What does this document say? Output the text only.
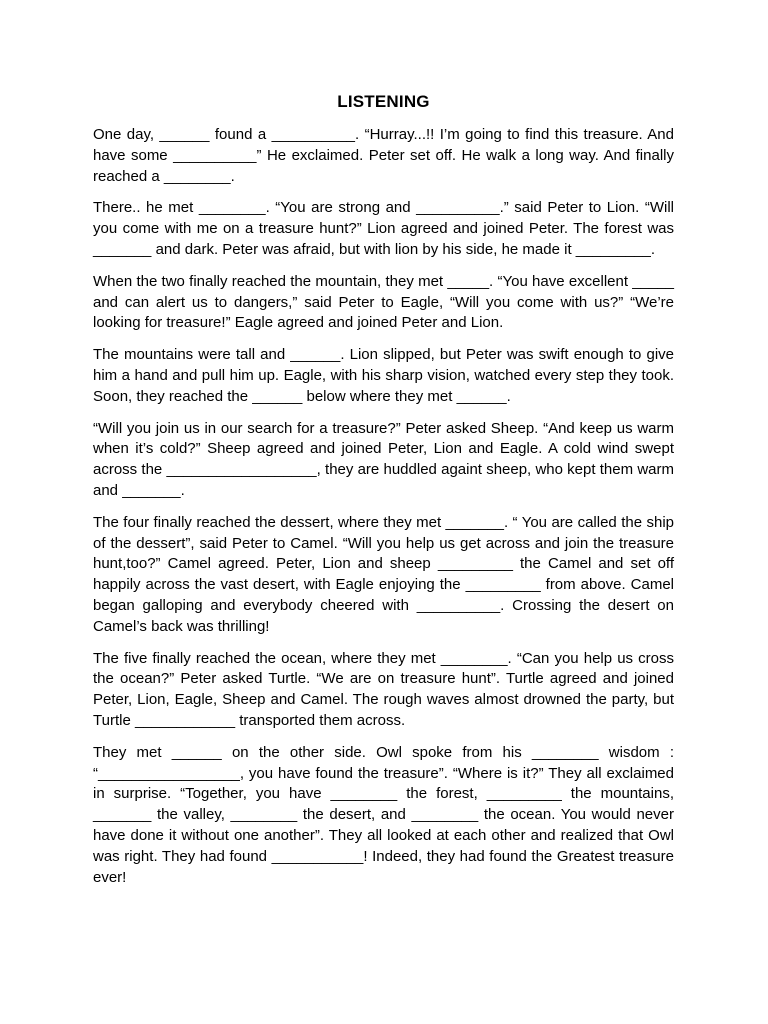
LISTENING

One day, ______ found a __________. “Hurray...!! I’m going to find this treasure. And have some __________” He exclaimed. Peter set off. He walk a long way. And finally reached a ________.

There.. he met ________. “You are strong and __________.” said Peter to Lion. “Will you come with me on a treasure hunt?” Lion agreed and joined Peter. The forest was _______ and dark. Peter was afraid, but with lion by his side, he made it _________.

When the two finally reached the mountain, they met _____. “You have excellent _____ and can alert us to dangers,” said Peter to Eagle, “Will you come with us?” “We’re looking for treasure!” Eagle agreed and joined Peter and Lion.

The mountains were tall and ______. Lion slipped, but Peter was swift enough to give him a hand and pull him up. Eagle, with his sharp vision, watched every step they took. Soon, they reached the ______ below where they met ______.

“Will you join us in our search for a treasure?” Peter asked Sheep. “And keep us warm when it’s cold?” Sheep agreed and joined Peter, Lion and Eagle. A cold wind swept across the __________________, they are huddled againt sheep, who kept them warm and _______.

The four finally reached the dessert, where they met _______. “ You are called the ship of the dessert”, said Peter to Camel. “Will you help us get across and join the treasure hunt,too?” Camel agreed. Peter, Lion and sheep _________ the Camel and set off happily across the vast desert, with Eagle enjoying the _________ from above. Camel began galloping and everybody cheered with __________. Crossing the desert on Camel’s back was thrilling!

The five finally reached the ocean, where they met ________. “Can you help us cross the ocean?” Peter asked Turtle. “We are on treasure hunt”. Turtle agreed and joined Peter, Lion, Eagle, Sheep and Camel. The rough waves almost drowned the party, but Turtle ____________ transported them across.

They met ______ on the other side. Owl spoke from his ________ wisdom : “_________________, you have found the treasure”. “Where is it?” They all exclaimed in surprise. “Together, you have ________ the forest, _________ the mountains, _______ the valley, ________ the desert, and ________ the ocean. You would never have done it without one another”. They all looked at each other and realized that Owl was right. They had found ___________! Indeed, they had found the Greatest treasure ever!
